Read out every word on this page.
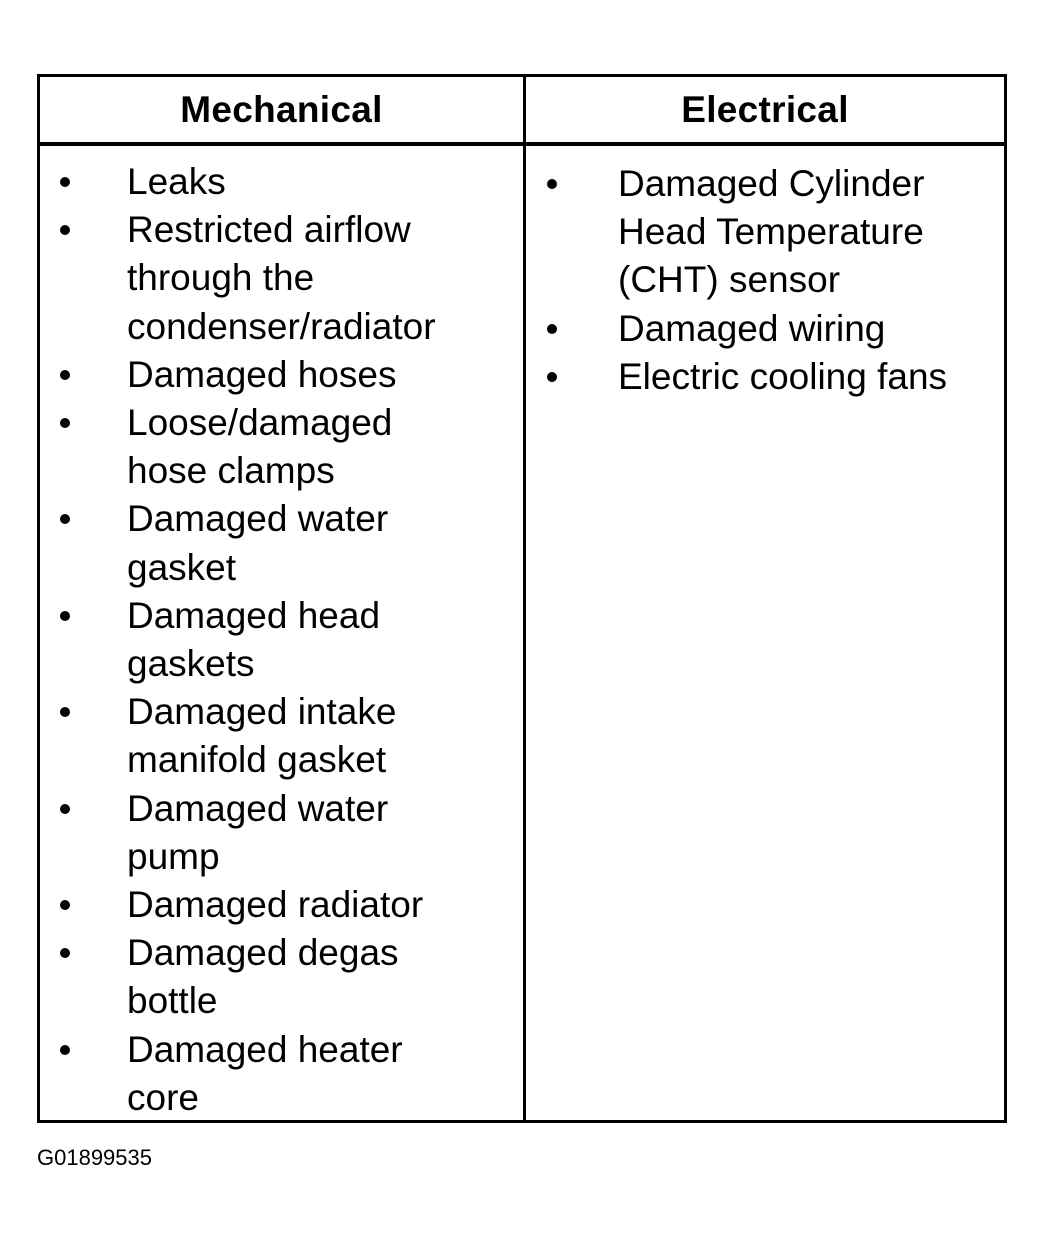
Mechanical	Electrical
Leaks
Restricted airflow
through the
condenser/radiator
Damaged hoses
Loose/damaged
hose clamps
Damaged water
gasket
Damaged head
gaskets
Damaged intake
manifold gasket
Damaged water
pump
Damaged radiator
Damaged degas
bottle
Damaged heater
core
Damaged Cylinder
Head Temperature
(CHT) sensor
Damaged wiring
Electric cooling fans
G01899535
